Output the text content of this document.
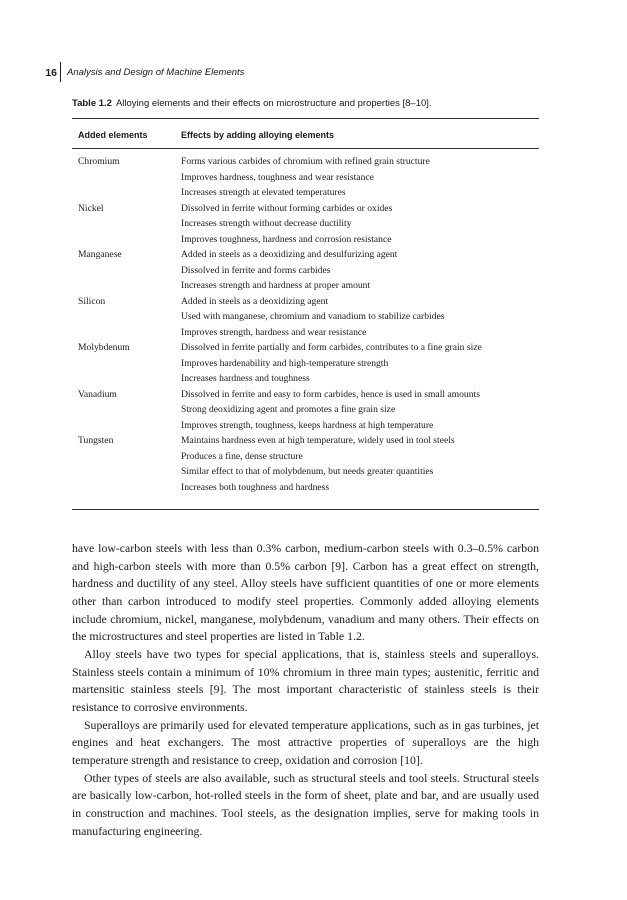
16 Analysis and Design of Machine Elements
Table 1.2 Alloying elements and their effects on microstructure and properties [8–10].
Added elements	Effects by adding alloying elements
Chromium	Forms various carbides of chromium with refined grain structure
Improves hardness, toughness and wear resistance
Increases strength at elevated temperatures
Nickel	Dissolved in ferrite without forming carbides or oxides
Increases strength without decrease ductility
Improves toughness, hardness and corrosion resistance
Manganese	Added in steels as a deoxidizing and desulfurizing agent
Dissolved in ferrite and forms carbides
Increases strength and hardness at proper amount
Silicon	Added in steels as a deoxidizing agent
Used with manganese, chromium and vanadium to stabilize carbides
Improves strength, hardness and wear resistance
Molybdenum	Dissolved in ferrite partially and form carbides, contributes to a fine grain size
Improves hardenability and high-temperature strength
Increases hardness and toughness
Vanadium	Dissolved in ferrite and easy to form carbides, hence is used in small amounts
Strong deoxidizing agent and promotes a fine grain size
Improves strength, toughness, keeps hardness at high temperature
Tungsten	Maintains hardness even at high temperature, widely used in tool steels
Produces a fine, dense structure
Similar effect to that of molybdenum, but needs greater quantities
Increases both toughness and hardness

have low-carbon steels with less than 0.3% carbon, medium-carbon steels with 0.3–0.5% carbon and high-carbon steels with more than 0.5% carbon [9]. Carbon has a great effect on strength, hardness and ductility of any steel. Alloy steels have sufficient quantities of one or more elements other than carbon introduced to modify steel properties. Commonly added alloying elements include chromium, nickel, manganese, molybdenum, vanadium and many others. Their effects on the microstructures and steel properties are listed in Table 1.2.

Alloy steels have two types for special applications, that is, stainless steels and superalloys. Stainless steels contain a minimum of 10% chromium in three main types; austenitic, ferritic and martensitic stainless steels [9]. The most important characteristic of stainless steels is their resistance to corrosive environments.

Superalloys are primarily used for elevated temperature applications, such as in gas turbines, jet engines and heat exchangers. The most attractive properties of superalloys are the high temperature strength and resistance to creep, oxidation and corrosion [10].

Other types of steels are also available, such as structural steels and tool steels. Structural steels are basically low-carbon, hot-rolled steels in the form of sheet, plate and bar, and are usually used in construction and machines. Tool steels, as the designation implies, serve for making tools in manufacturing engineering.
